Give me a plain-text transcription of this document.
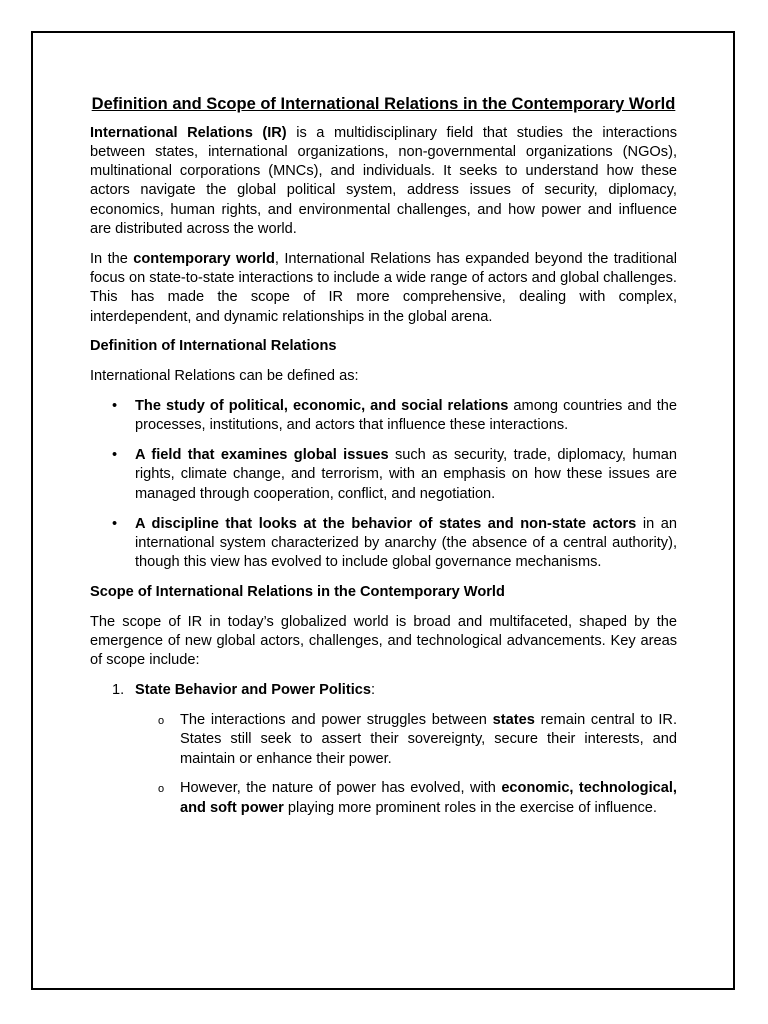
Definition and Scope of International Relations in the Contemporary World

International Relations (IR) is a multidisciplinary field that studies the interactions between states, international organizations, non-governmental organizations (NGOs), multinational corporations (MNCs), and individuals. It seeks to understand how these actors navigate the global political system, address issues of security, diplomacy, economics, human rights, and environmental challenges, and how power and influence are distributed across the world.

In the contemporary world, International Relations has expanded beyond the traditional focus on state-to-state interactions to include a wide range of actors and global challenges. This has made the scope of IR more comprehensive, dealing with complex, interdependent, and dynamic relationships in the global arena.

Definition of International Relations

International Relations can be defined as:

• The study of political, economic, and social relations among countries and the processes, institutions, and actors that influence these interactions.
• A field that examines global issues such as security, trade, diplomacy, human rights, climate change, and terrorism, with an emphasis on how these issues are managed through cooperation, conflict, and negotiation.
• A discipline that looks at the behavior of states and non-state actors in an international system characterized by anarchy (the absence of a central authority), though this view has evolved to include global governance mechanisms.
Scope of International Relations in the Contemporary World

The scope of IR in today’s globalized world is broad and multifaceted, shaped by the emergence of new global actors, challenges, and technological advancements. Key areas of scope include:

1. State Behavior and Power Politics:
o The interactions and power struggles between states remain central to IR. States still seek to assert their sovereignty, secure their interests, and maintain or enhance their power.
o However, the nature of power has evolved, with economic, technological, and soft power playing more prominent roles in the exercise of influence.
